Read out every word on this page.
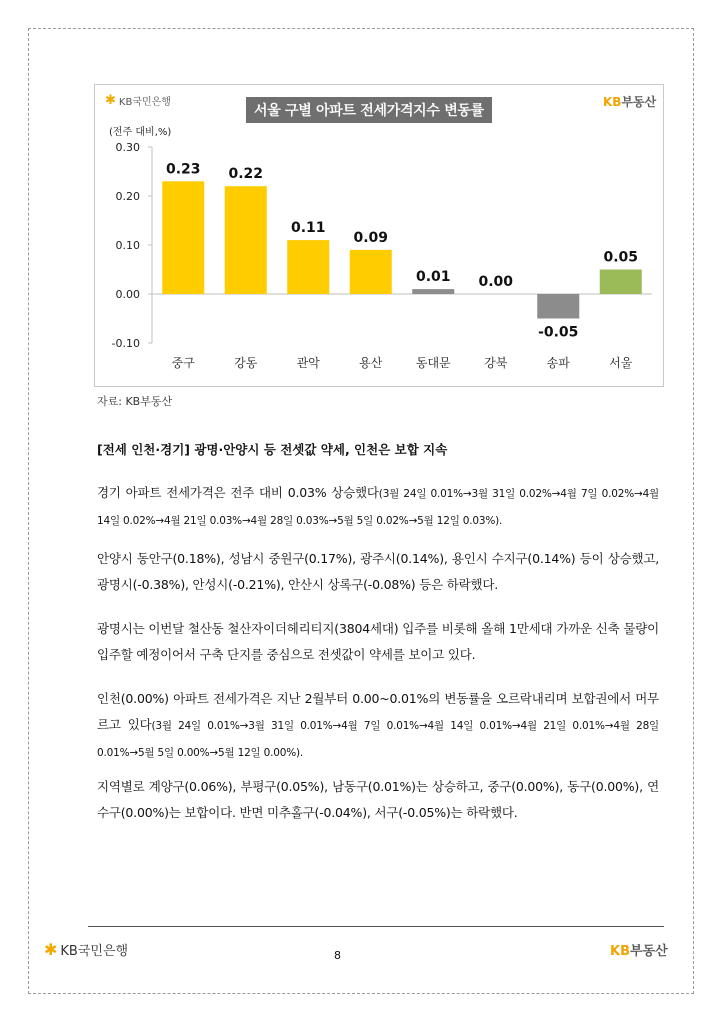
✱ KB국민은행	KB부동산
서울 구별 아파트 전세가격지수 변동률
(전주 대비,%)
0.30
0.20
0.10
0.00
-0.10
0.23
중구
0.22
강동
0.11
관악
0.09
용산
0.01
동대문
0.00
강북
-0.05
송파
0.05
서울
자료: KB부동산
[전세 인천·경기] 광명·안양시 등 전셋값 약세, 인천은 보합 지속
경기 아파트 전세가격은 전주 대비 0.03% 상승했다(3월 24일 0.01%→3월 31일 0.02%→4월 7일 0.02%→4월 14일 0.02%→4월 21일 0.03%→4월 28일 0.03%→5월 5일 0.02%→5월 12일 0.03%).
안양시 동안구(0.18%), 성남시 중원구(0.17%), 광주시(0.14%), 용인시 수지구(0.14%) 등이 상승했고, 광명시(-0.38%), 안성시(-0.21%), 안산시 상록구(-0.08%) 등은 하락했다.
광명시는 이번달 철산동 철산자이더헤리티지(3804세대) 입주를 비롯해 올해 1만세대 가까운 신축 물량이 입주할 예정이어서 구축 단지를 중심으로 전셋값이 약세를 보이고 있다.
인천(0.00%) 아파트 전세가격은 지난 2월부터 0.00~0.01%의 변동률을 오르락내리며 보합권에서 머무르고 있다(3월 24일 0.01%→3월 31일 0.01%→4월 7일 0.01%→4월 14일 0.01%→4월 21일 0.01%→4월 28일 0.01%→5월 5일 0.00%→5월 12일 0.00%).
지역별로 계양구(0.06%), 부평구(0.05%), 남동구(0.01%)는 상승하고, 중구(0.00%), 동구(0.00%), 연수구(0.00%)는 보합이다. 반면 미추홀구(-0.04%), 서구(-0.05%)는 하락했다.
✱ KB국민은행	8	KB부동산
